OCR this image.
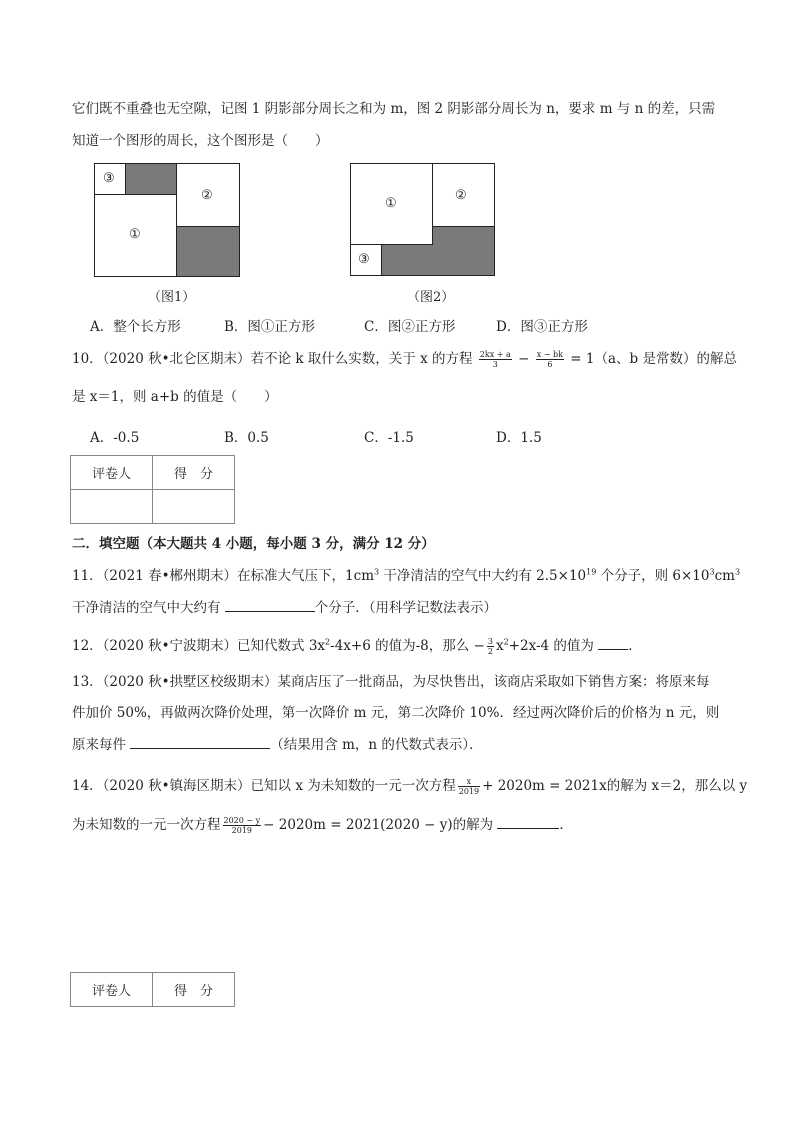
它们既不重叠也无空隙，记图 1 阴影部分周长之和为 m，图 2 阴影部分周长为 n，要求 m 与 n 的差，只需
知道一个图形的周长，这个图形是（　　）
③
①
②
（图1）
①
②
③
（图2）
A．整个长方形	B．图①正方形	C．图②正方形	D．图③正方形
10．（2020 秋•北仑区期末）若不论 k 取什么实数，关于 x 的方程 $\frac{2kx + a}{3} - \frac{x - bk}{6} = 1(a$、b 是常数）的解总
是 x＝1，则 a+b 的值是（　　）
A．-0.5	B．0.5	C．-1.5	D．1.5
评卷人	得　分

二．填空题（本大题共 4 小题，每小题 3 分，满分 12 分）
11．（2021 春•郴州期末）在标准大气压下，$1cm^3$ 干净清洁的空气中大约有 $2.5\times 10^{19}$ 个分子，则 $6\times 10^3cm^3$
干净清洁的空气中大约有	个分子．（用科学记数法表示）
12．（2020 秋•宁波期末）已知代数式 $3x^2-4x+6$ 的值为-8，那么 − $\frac{3}{2} x^2+2x-4$ 的值为 ．
13．（2020 秋•拱墅区校级期末）某商店压了一批商品，为尽快售出，该商店采取如下销售方案：将原来每
件加价 50%，再做两次降价处理，第一次降价 m 元，第二次降价 10%．经过两次降价后的价格为 n 元，则
原来每件	（结果用含 m，n 的代数式表示）．
14．（2020 秋•镇海区期末）已知以 x 为未知数的一元一次方程 $\frac{x}{2019} + 2020m = 2021x$的解为 x＝2，那么以 y
为未知数的一元一次方程 $\frac{2020 - y}{2019} - 2020m = 2021(2020 - y)$的解为	．
评卷人	得　分
